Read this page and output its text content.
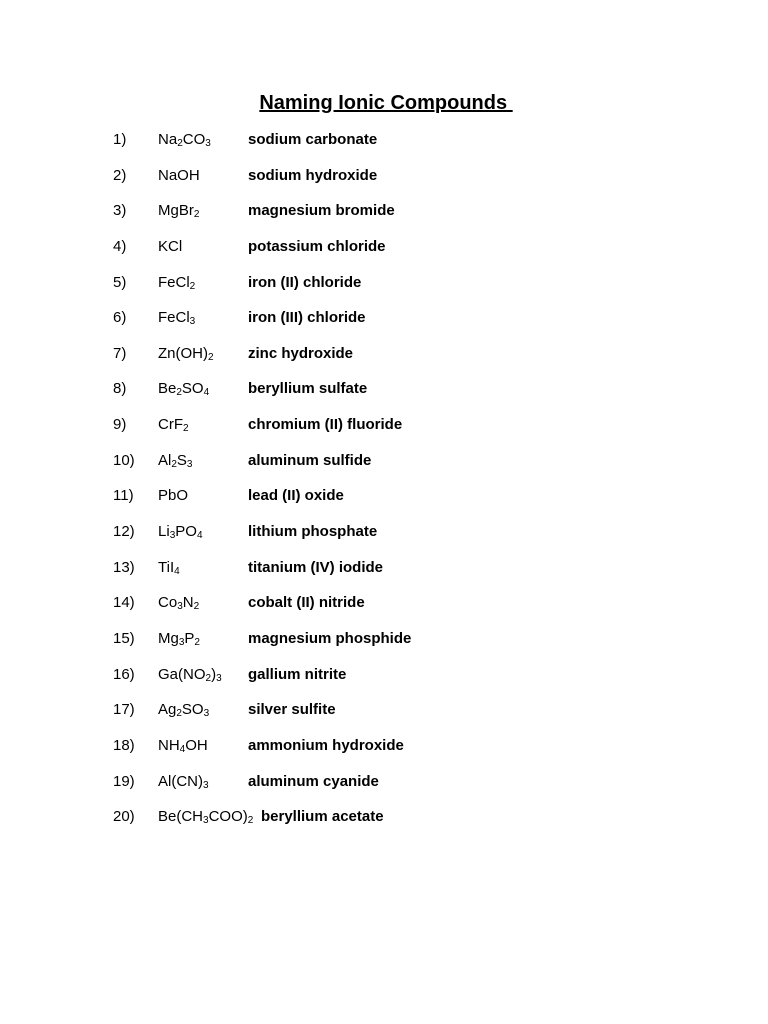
Naming Ionic Compounds
1) $Na_2CO_3$ sodium carbonate
2) NaOH	sodium hydroxide
3) MgBr$_2$	magnesium bromide
4) KCl	potassium chloride
5) FeCl$_2$	iron (II) chloride
6) FeCl$_3$	iron (III) chloride
7) $Zn(OH)_2$ zinc hydroxide
8) $Be_2SO_4$	beryllium sulfate
9) CrF$_2$	chromium (II) fluoride
10) $Al_2S_3$	aluminum sulfide
11) PbO	lead (II) oxide
12) $Li_3PO_4$	lithium phosphate
13) TiI$_4$	titanium (IV) iodide
14) $Co_3N_2$	cobalt (II) nitride
15) $Mg_3P_2$	magnesium phosphide
16) $Ga(NO_2)_3$ gallium nitrite
17) $Ag_2SO_3$	silver sulfite
18) $NH_4OH$	ammonium hydroxide
19) $Al(CN)_3$	aluminum cyanide
20) $Be(CH_3COO)_2$ beryllium acetate
